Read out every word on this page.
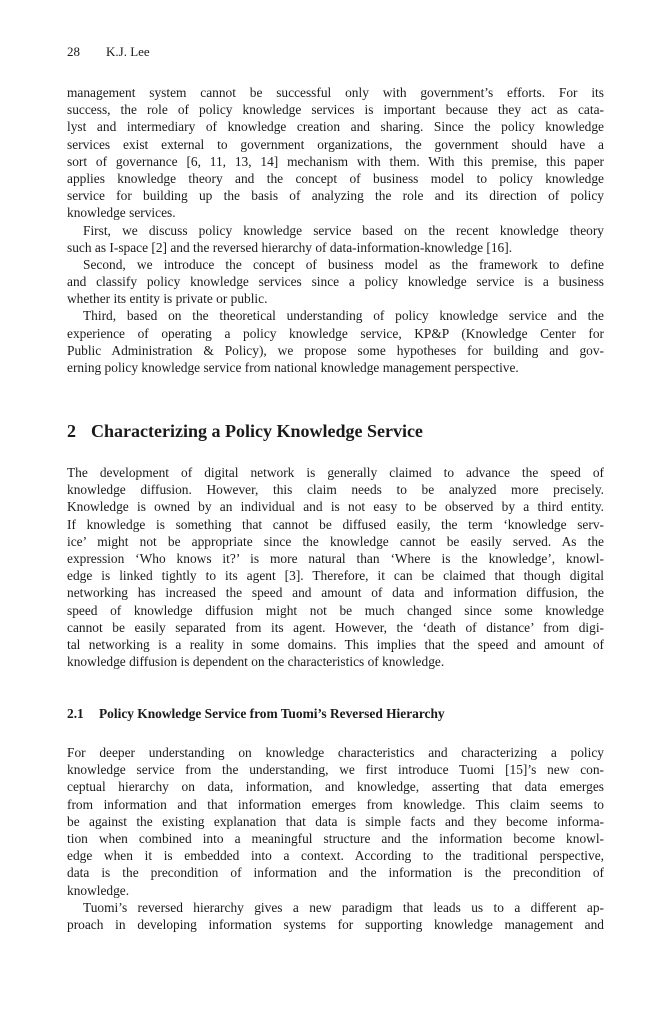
28 K.J. Lee
management system cannot be successful only with government’s efforts. For its
success, the role of policy knowledge services is important because they act as cata-
lyst and intermediary of knowledge creation and sharing. Since the policy knowledge
services exist external to government organizations, the government should have a
sort of governance [6, 11, 13, 14] mechanism with them. With this premise, this paper
applies knowledge theory and the concept of business model to policy knowledge
service for building up the basis of analyzing the role and its direction of policy
knowledge services.
First, we discuss policy knowledge service based on the recent knowledge theory
such as I-space [2] and the reversed hierarchy of data-information-knowledge [16].
Second, we introduce the concept of business model as the framework to define
and classify policy knowledge services since a policy knowledge service is a business
whether its entity is private or public.
Third, based on the theoretical understanding of policy knowledge service and the
experience of operating a policy knowledge service, KP&P (Knowledge Center for
Public Administration & Policy), we propose some hypotheses for building and gov-
erning policy knowledge service from national knowledge management perspective.
2 Characterizing a Policy Knowledge Service
The development of digital network is generally claimed to advance the speed of
knowledge diffusion. However, this claim needs to be analyzed more precisely.
Knowledge is owned by an individual and is not easy to be observed by a third entity.
If knowledge is something that cannot be diffused easily, the term ‘knowledge serv-
ice’ might not be appropriate since the knowledge cannot be easily served. As the
expression ‘Who knows it?’ is more natural than ‘Where is the knowledge’, knowl-
edge is linked tightly to its agent [3]. Therefore, it can be claimed that though digital
networking has increased the speed and amount of data and information diffusion, the
speed of knowledge diffusion might not be much changed since some knowledge
cannot be easily separated from its agent. However, the ‘death of distance’ from digi-
tal networking is a reality in some domains. This implies that the speed and amount of
knowledge diffusion is dependent on the characteristics of knowledge.
2.1 Policy Knowledge Service from Tuomi’s Reversed Hierarchy
For deeper understanding on knowledge characteristics and characterizing a policy
knowledge service from the understanding, we first introduce Tuomi [15]’s new con-
ceptual hierarchy on data, information, and knowledge, asserting that data emerges
from information and that information emerges from knowledge. This claim seems to
be against the existing explanation that data is simple facts and they become informa-
tion when combined into a meaningful structure and the information become knowl-
edge when it is embedded into a context. According to the traditional perspective,
data is the precondition of information and the information is the precondition of
knowledge.
Tuomi’s reversed hierarchy gives a new paradigm that leads us to a different ap-
proach in developing information systems for supporting knowledge management and
